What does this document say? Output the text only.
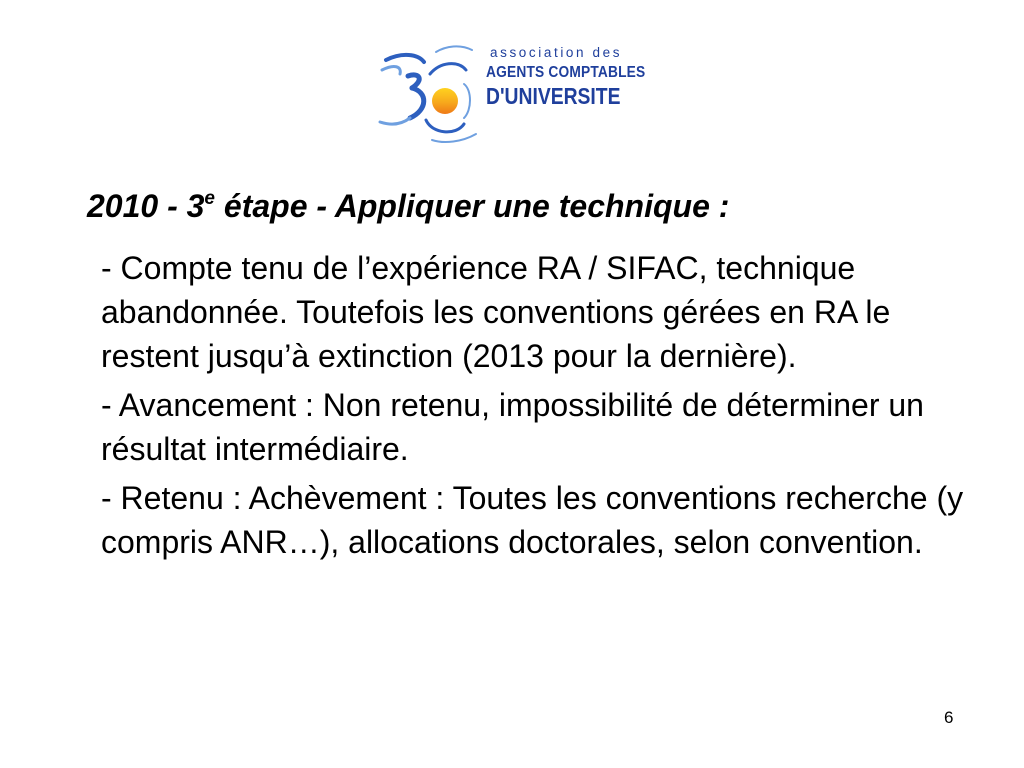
association des
AGENTS COMPTABLES
D'UNIVERSITE
2010 - 3e étape - Appliquer une technique :

- Compte tenu de l’expérience RA / SIFAC, technique abandonnée. Toutefois les conventions gérées en RA le restent jusqu’à extinction (2013 pour la dernière).

- Avancement : Non retenu, impossibilité de déterminer un résultat intermédiaire.

- Retenu : Achèvement : Toutes les conventions recherche (y compris ANR…), allocations doctorales, selon convention.

6
